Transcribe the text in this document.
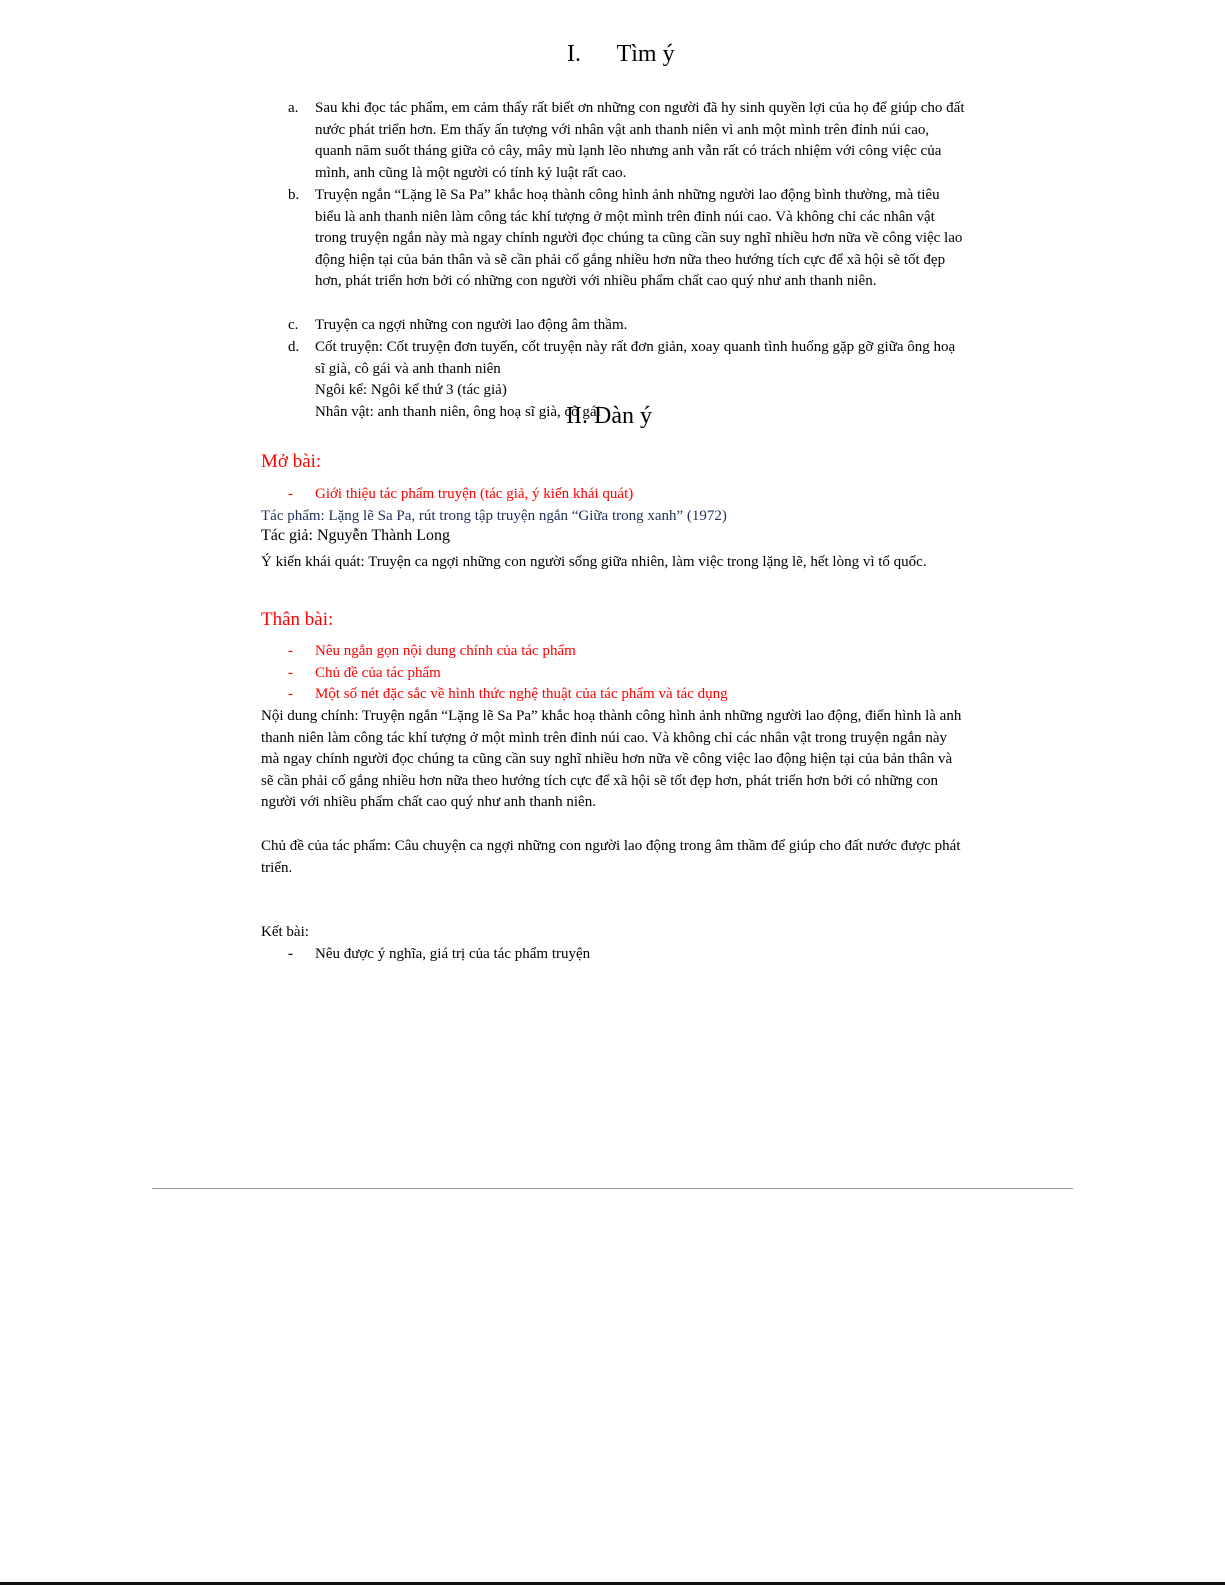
I. Tìm ý
a.	Sau khi đọc tác phẩm, em cảm thấy rất biết ơn những con người đã hy sinh quyền lợi của họ để giúp cho đất nước phát triển hơn. Em thấy ấn tượng với nhân vật anh thanh niên vì anh một mình trên đỉnh núi cao, quanh năm suốt tháng giữa cỏ cây, mây mù lạnh lẽo nhưng anh vẫn rất có trách nhiệm với công việc của mình, anh cũng là một người có tính kỷ luật rất cao.
b.	Truyện ngắn “Lặng lẽ Sa Pa” khắc hoạ thành công hình ảnh những người lao động bình thường, mà tiêu biểu là anh thanh niên làm công tác khí tượng ở một mình trên đỉnh núi cao. Và không chỉ các nhân vật trong truyện ngắn này mà ngay chính người đọc chúng ta cũng cần suy nghĩ nhiều hơn nữa về công việc lao động hiện tại của bản thân và sẽ cần phải cố gắng nhiều hơn nữa theo hướng tích cực để xã hội sẽ tốt đẹp hơn, phát triển hơn bởi có những con người với nhiều phẩm chất cao quý như anh thanh niên.
c.	Truyện ca ngợi những con người lao động âm thầm.
d.	Cốt truyện: Cốt truyện đơn tuyến, cốt truyện này rất đơn giản, xoay quanh tình huống gặp gỡ giữa ông hoạ sĩ già, cô gái và anh thanh niên
Ngôi kể: Ngôi kể thứ 3 (tác giả)
Nhân vật: anh thanh niên, ông hoạ sĩ già, cô gái
II. Dàn ý
Mở bài:
- Giới thiệu tác phẩm truyện (tác giả, ý kiến khái quát)
Tác phẩm: Lặng lẽ Sa Pa, rút trong tập truyện ngắn “Giữa trong xanh” (1972)
Tác giả: Nguyễn Thành Long
Ý kiến khái quát: Truyện ca ngợi những con người sống giữa nhiên, làm việc trong lặng lẽ, hết lòng vì tổ quốc.
Thân bài:
- Nêu ngắn gọn nội dung chính của tác phẩm
- Chủ đề của tác phẩm
- Một số nét đặc sắc về hình thức nghệ thuật của tác phẩm và tác dụng
Nội dung chính: Truyện ngắn “Lặng lẽ Sa Pa” khắc hoạ thành công hình ảnh những người lao động, điển hình là anh thanh niên làm công tác khí tượng ở một mình trên đỉnh núi cao. Và không chỉ các nhân vật trong truyện ngắn này mà ngay chính người đọc chúng ta cũng cần suy nghĩ nhiều hơn nữa về công việc lao động hiện tại của bản thân và sẽ cần phải cố gắng nhiều hơn nữa theo hướng tích cực để xã hội sẽ tốt đẹp hơn, phát triển hơn bởi có những con người với nhiều phẩm chất cao quý như anh thanh niên.
Chủ đề của tác phẩm: Câu chuyện ca ngợi những con người lao động trong âm thầm để giúp cho đất nước được phát triển.
Kết bài:
- Nêu được ý nghĩa, giá trị của tác phẩm truyện
